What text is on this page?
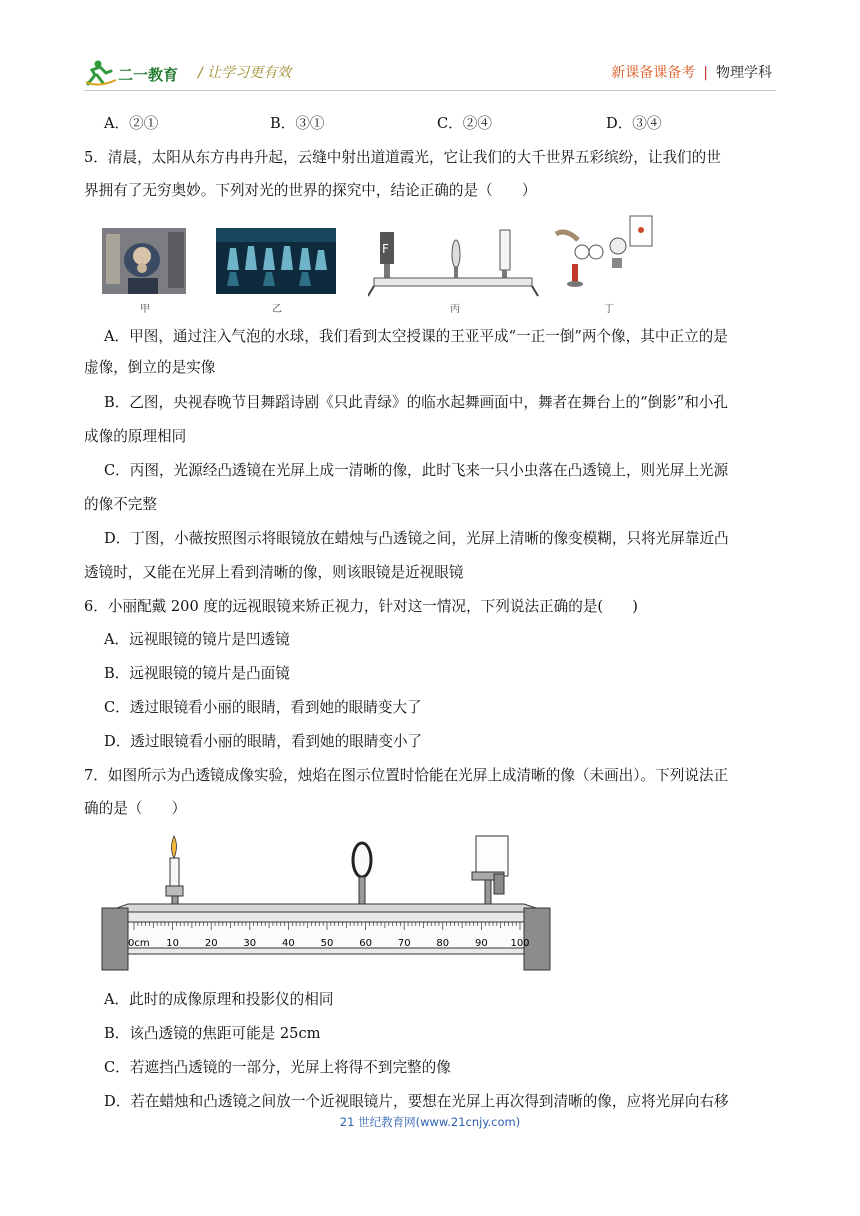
二一教育 / 让学习更有效	新课备课备考 | 物理学科
A．②①	B．③①	C．②④	D．③④
5．清晨，太阳从东方冉冉升起，云缝中射出道道霞光，它让我们的大千世界五彩缤纷，让我们的世
界拥有了无穷奥妙。下列对光的世界的探究中，结论正确的是（　　）
F
甲	乙	丙	丁
A．甲图，通过注入气泡的水球，我们看到太空授课的王亚平成“一正一倒”两个像，其中正立的是
虚像，倒立的是实像
B．乙图，央视春晚节目舞蹈诗剧《只此青绿》的临水起舞画面中，舞者在舞台上的“倒影”和小孔
成像的原理相同
C．丙图，光源经凸透镜在光屏上成一清晰的像，此时飞来一只小虫落在凸透镜上，则光屏上光源
的像不完整
D．丁图，小薇按照图示将眼镜放在蜡烛与凸透镜之间，光屏上清晰的像变模糊，只将光屏靠近凸
透镜时，又能在光屏上看到清晰的像，则该眼镜是近视眼镜
6．小丽配戴 200 度的远视眼镜来矫正视力，针对这一情况，下列说法正确的是(　　)
A．远视眼镜的镜片是凹透镜
B．远视眼镜的镜片是凸面镜
C．透过眼镜看小丽的眼睛，看到她的眼睛变大了
D．透过眼镜看小丽的眼睛，看到她的眼睛变小了
7．如图所示为凸透镜成像实验，烛焰在图示位置时恰能在光屏上成清晰的像（未画出）。下列说法正
确的是（　　）
0cm 10	20	30	40	50	60	70	80	90 100
A．此时的成像原理和投影仪的相同
B．该凸透镜的焦距可能是 25cm
C．若遮挡凸透镜的一部分，光屏上将得不到完整的像
D．若在蜡烛和凸透镜之间放一个近视眼镜片，要想在光屏上再次得到清晰的像，应将光屏向右移
21 世纪教育网(www.21cnjy.com)
